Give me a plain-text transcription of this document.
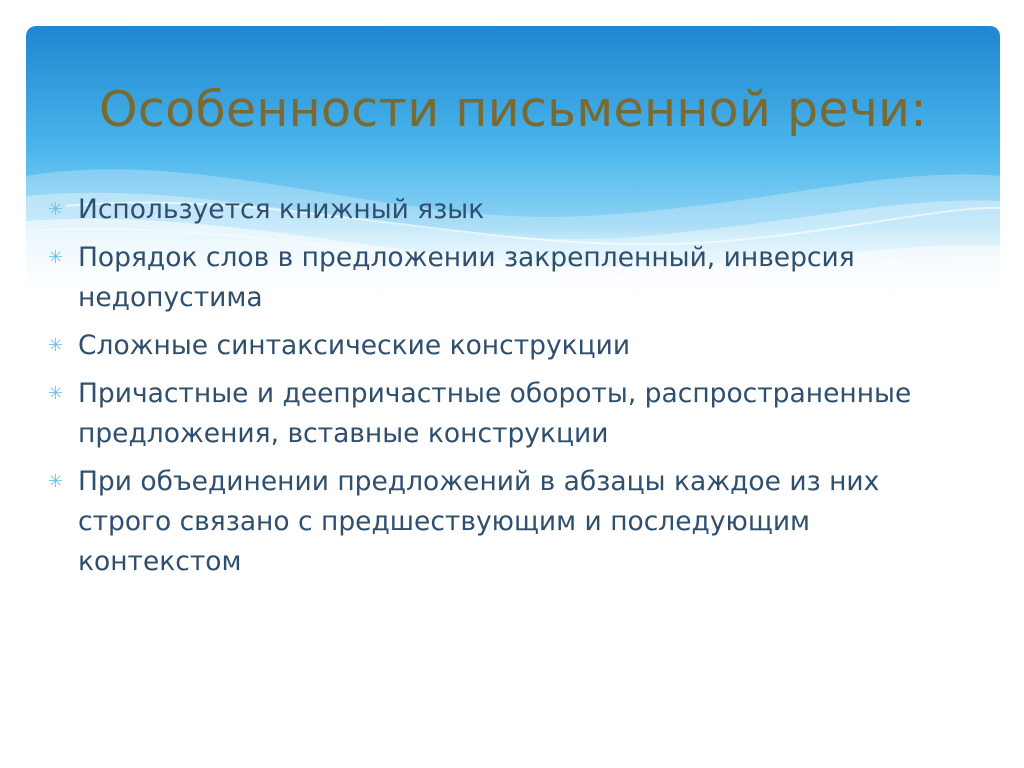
Особенности письменной речи:
✳ Используется книжный язык
✳ Порядок слов в предложении закрепленный, инверсия недопустима
✳ Сложные синтаксические конструкции
✳ Причастные и деепричастные обороты, распространенные предложения, вставные конструкции
✳ При объединении предложений в абзацы каждое из них строго связано с предшествующим и последующим контекстом
